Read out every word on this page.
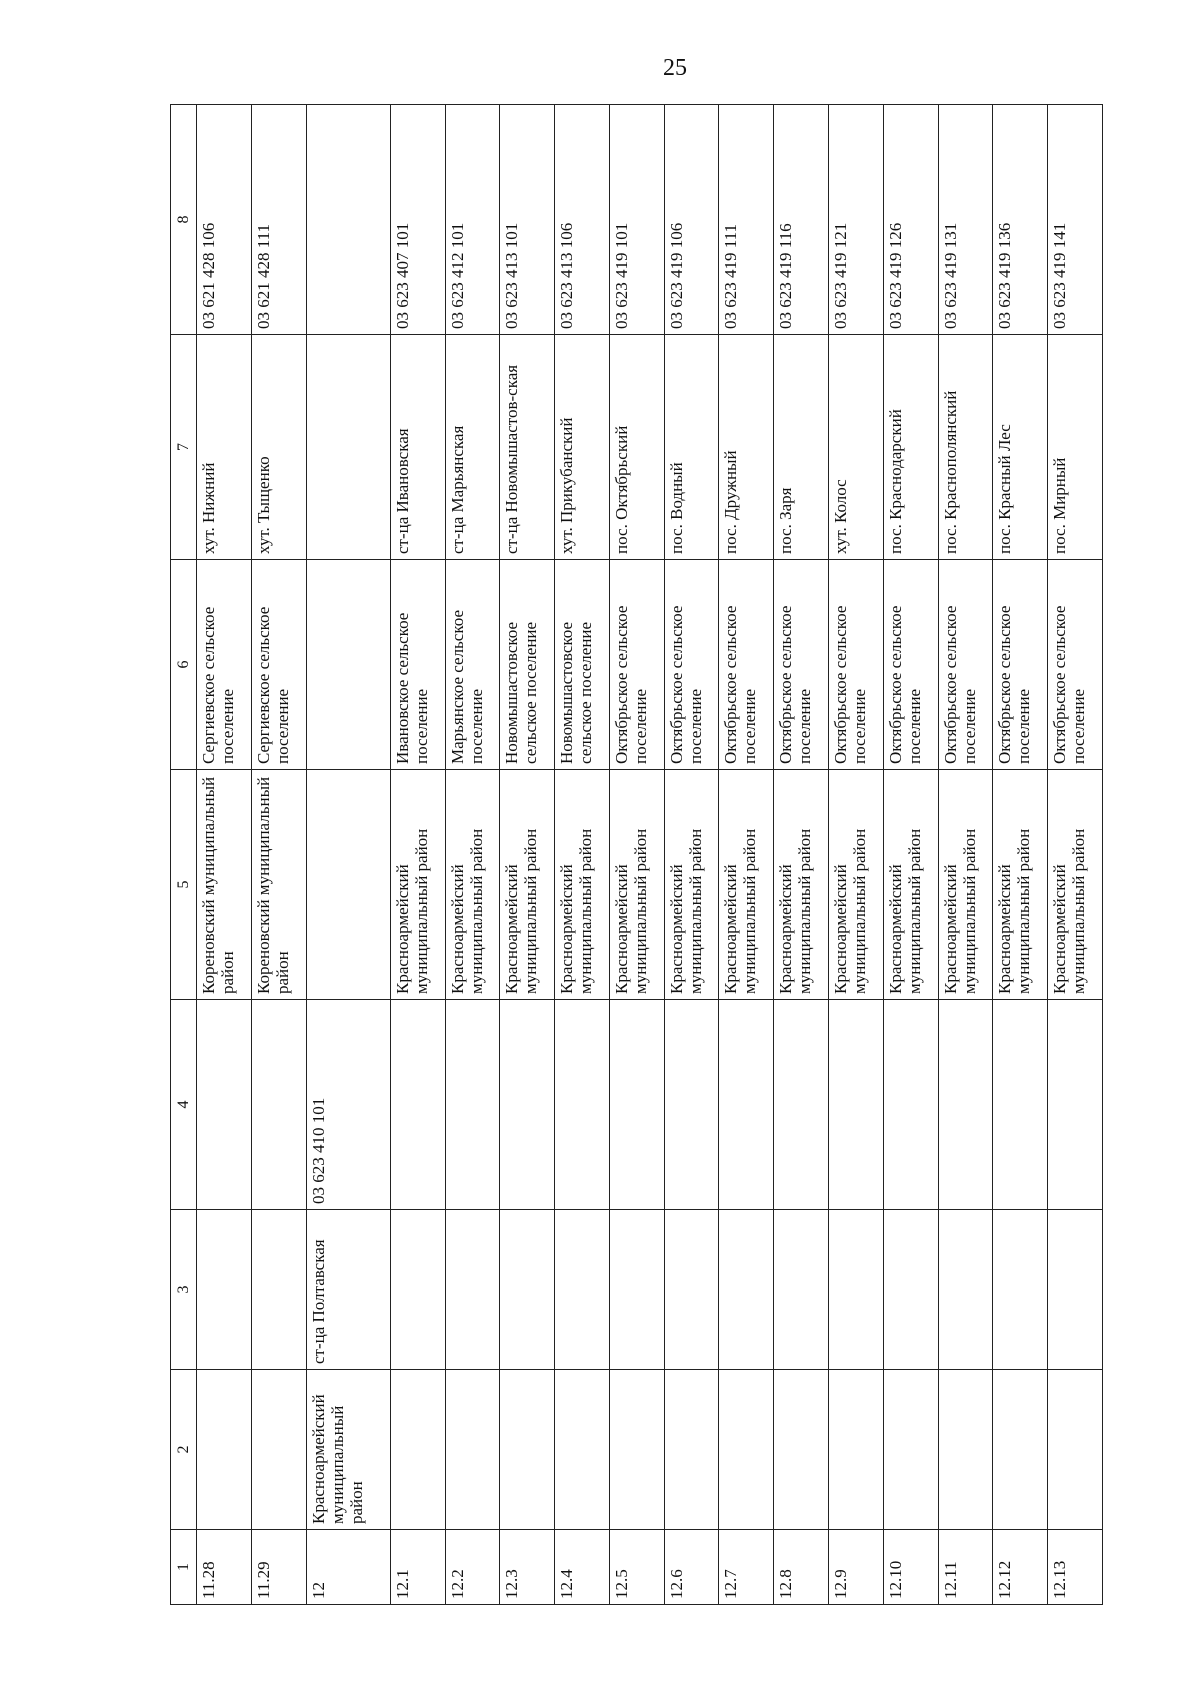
25
1	2	3	4	5	6	7	8
11.28				Кореновский муниципальный район	Сергиевское сельское поселение	хут. Нижний	03 621 428 106
11.29				Кореновский муниципальный район	Сергиевское сельское поселение	хут. Тыщенко	03 621 428 111
12	Красноармейский муниципальный район	ст-ца Полтавская	03 623 410 101				
12.1				Красноармейский муниципальный район	Ивановское сельское поселение	ст-ца Ивановская	03 623 407 101
12.2				Красноармейский муниципальный район	Марьянское сельское поселение	ст-ца Марьянская	03 623 412 101
12.3				Красноармейский муниципальный район	Новомышастовское сельское поселение	ст-ца Новомышастов-ская	03 623 413 101
12.4				Красноармейский муниципальный район	Новомышастовское сельское поселение	хут. Прикубанский	03 623 413 106
12.5				Красноармейский муниципальный район	Октябрьское сельское поселение	пос. Октябрьский	03 623 419 101
12.6				Красноармейский муниципальный район	Октябрьское сельское поселение	пос. Водный	03 623 419 106
12.7				Красноармейский муниципальный район	Октябрьское сельское поселение	пос. Дружный	03 623 419 111
12.8				Красноармейский муниципальный район	Октябрьское сельское поселение	пос. Заря	03 623 419 116
12.9				Красноармейский муниципальный район	Октябрьское сельское поселение	хут. Колос	03 623 419 121
12.10				Красноармейский муниципальный район	Октябрьское сельское поселение	пос. Краснодарский	03 623 419 126
12.11				Красноармейский муниципальный район	Октябрьское сельское поселение	пос. Краснополянский	03 623 419 131
12.12				Красноармейский муниципальный район	Октябрьское сельское поселение	пос. Красный Лес	03 623 419 136
12.13				Красноармейский муниципальный район	Октябрьское сельское поселение	пос. Мирный	03 623 419 141
